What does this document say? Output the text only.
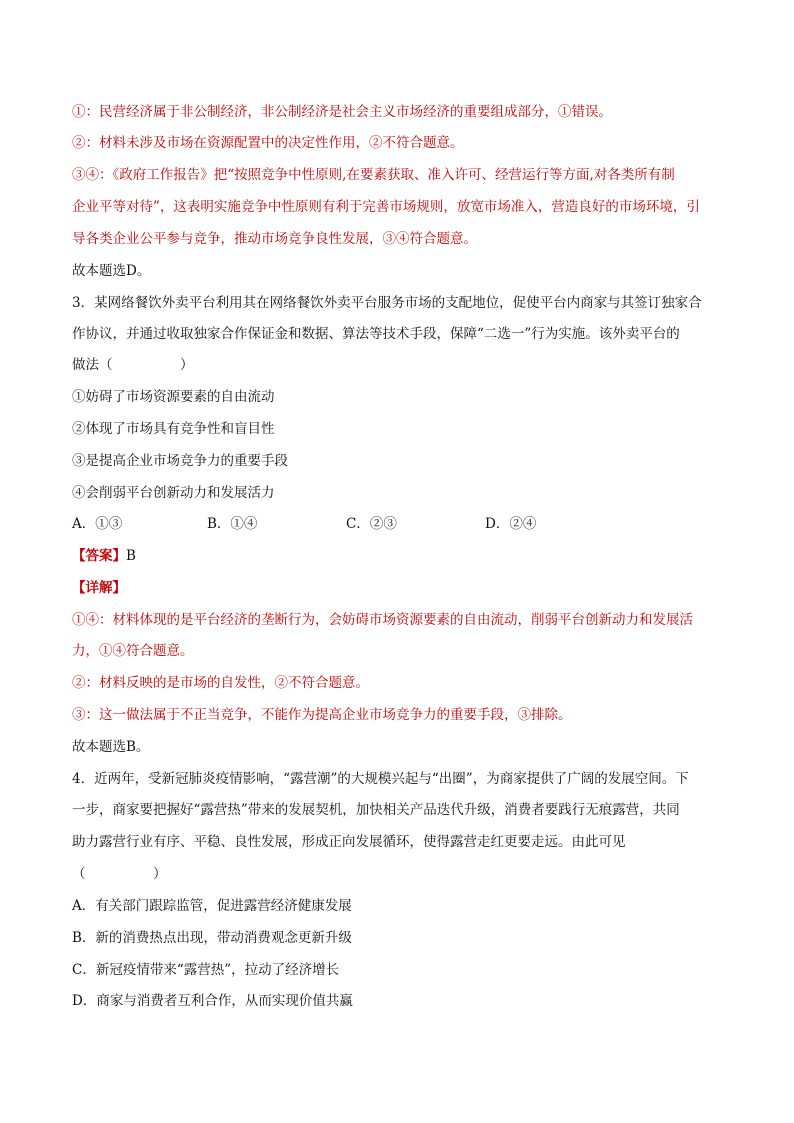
①：民营经济属于非公制经济，非公制经济是社会主义市场经济的重要组成部分，①错误。
②：材料未涉及市场在资源配置中的决定性作用，②不符合题意。
③④：《政府工作报告》把“按照竞争中性原则,在要素获取、准入许可、经营运行等方面,对各类所有制
企业平等对待”，这表明实施竞争中性原则有利于完善市场规则，放宽市场准入，营造良好的市场环境，引
导各类企业公平参与竞争，推动市场竞争良性发展，③④符合题意。
故本题选D。
3．某网络餐饮外卖平台利用其在网络餐饮外卖平台服务市场的支配地位，促使平台内商家与其签订独家合
作协议，并通过收取独家合作保证金和数据、算法等技术手段，保障“二选一”行为实施。该外卖平台的
做法（　　　　　）
①妨碍了市场资源要素的自由流动
②体现了市场具有竞争性和盲目性
③是提高企业市场竞争力的重要手段
④会削弱平台创新动力和发展活力
A．①③	B．①④	C．②③	D．②④
【答案】B
【详解】
①④：材料体现的是平台经济的垄断行为，会妨碍市场资源要素的自由流动，削弱平台创新动力和发展活
力，①④符合题意。
②：材料反映的是市场的自发性，②不符合题意。
③：这一做法属于不正当竞争，不能作为提高企业市场竞争力的重要手段，③排除。
故本题选B。
4．近两年，受新冠肺炎疫情影响，“露营潮”的大规模兴起与“出圈”，为商家提供了广阔的发展空间。下
一步，商家要把握好“露营热”带来的发展契机，加快相关产品迭代升级，消费者要践行无痕露营，共同
助力露营行业有序、平稳、良性发展，形成正向发展循环，使得露营走红更要走远。由此可见
（　　　　　）
A．有关部门跟踪监管，促进露营经济健康发展
B．新的消费热点出现，带动消费观念更新升级
C．新冠疫情带来“露营热”，拉动了经济增长
D．商家与消费者互利合作，从而实现价值共赢
